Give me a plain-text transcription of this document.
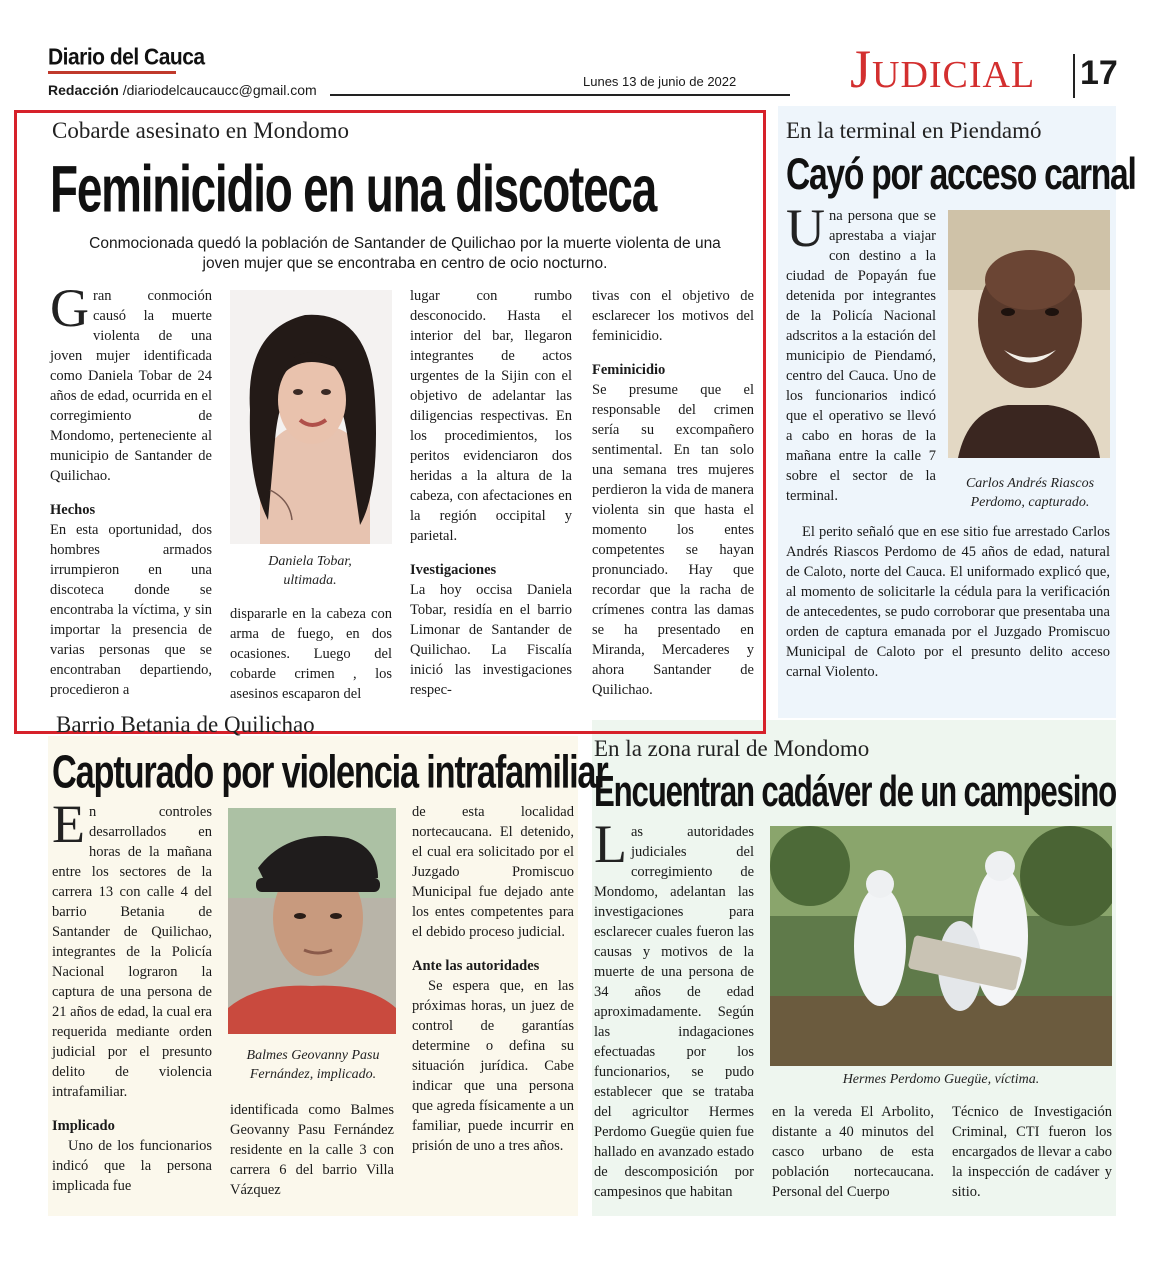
Diario del Cauca
Redacción /diariodelcaucaucc@gmail.com
Lunes 13 de junio de 2022 Judicial 17
Cobarde asesinato en Mondomo
Feminicidio en una discoteca
Conmocionada quedó la población de Santander de Quilichao por la muerte violenta de una joven mujer que se encontraba en centro de ocio nocturno.
G ran conmoción causó la muerte violenta de una joven mujer identificada como Daniela Tobar de 24 años de edad, ocurrida en el corregimiento de Mondomo, perteneciente al municipio de Santander de Quilichao.

Hechos

En esta oportunidad, dos hombres armados irrumpieron en una discoteca donde se encontraba la víctima, y sin importar la presencia de varias personas que se encontraban departiendo, procedieron a

Daniela Tobar, ultimada.

dispararle en la cabeza con arma de fuego, en dos ocasiones. Luego del cobarde crimen , los asesinos escaparon del

lugar con rumbo desconocido. Hasta el interior del bar, llegaron integrantes de actos urgentes de la Sijin con el objetivo de adelantar las diligencias respectivas. En los procedimientos, los peritos evidenciaron dos heridas a la altura de la cabeza, con afectaciones en la región occipital y parietal.

Ivestigaciones

La hoy occisa Daniela Tobar, residía en el barrio Limonar de Santander de Quilichao. La Fiscalía inició las investigaciones respec-

tivas con el objetivo de esclarecer los motivos del feminicidio.

Feminicidio

Se presume que el responsable del crimen sería su excompañero sentimental. En tan solo una semana tres mujeres perdieron la vida de manera violenta sin que hasta el momento los entes competentes se hayan pronunciado. Hay que recordar que la racha de crímenes contra las damas se ha presentado en Miranda, Mercaderes y ahora Santander de Quilichao.

En la terminal en Piendamó
Cayó por acceso carnal
U na persona que se aprestaba a viajar con destino a la ciudad de Popayán fue detenida por integrantes de la Policía Nacional adscritos a la estación del municipio de Piendamó, centro del Cauca. Uno de los funcionarios indicó que el operativo se llevó a cabo en horas de la mañana entre la calle 7 sobre el sector de la terminal.

Carlos Andrés Riascos Perdomo, capturado.

El perito señaló que en ese sitio fue arrestado Carlos Andrés Riascos Perdomo de 45 años de edad, natural de Caloto, norte del Cauca. El uniformado explicó que, al momento de solicitarle la cédula para la verificación de antecedentes, se pudo corroborar que presentaba una orden de captura emanada por el Juzgado Promiscuo Municipal de Caloto por el presunto delito acceso carnal Violento.

Barrio Betania de Quilichao
Capturado por violencia intrafamiliar
E n controles desarrollados en horas de la mañana entre los sectores de la carrera 13 con calle 4 del barrio Betania de Santander de Quilichao, integrantes de la Policía Nacional lograron la captura de una persona de 21 años de edad, la cual era requerida mediante orden judicial por el presunto delito de violencia intrafamiliar.

Implicado

Uno de los funcionarios indicó que la persona implicada fue

Balmes Geovanny Pasu Fernández, implicado.

identificada como Balmes Geovanny Pasu Fernández residente en la calle 3 con carrera 6 del barrio Villa Vázquez

de esta localidad nortecaucana. El detenido, el cual era solicitado por el Juzgado Promiscuo Municipal fue dejado ante los entes competentes para el debido proceso judicial.

Ante las autoridades

Se espera que, en las próximas horas, un juez de control de garantías determine o defina su situación jurídica. Cabe indicar que una persona que agreda físicamente a un familiar, puede incurrir en prisión de uno a tres años.

En la zona rural de Mondomo
Encuentran cadáver de un campesino
L as autoridades judiciales del corregimiento de Mondomo, adelantan las investigaciones para esclarecer cuales fueron las causas y motivos de la muerte de una persona de 34 años de edad aproximadamente. Según las indagaciones efectuadas por los funcionarios, se pudo establecer que se trataba del agricultor Hermes Perdomo Guegüe quien fue hallado en avanzado estado de descomposición por campesinos que habitan

Hermes Perdomo Guegüe, víctima.

en la vereda El Arbolito, distante a 40 minutos del casco urbano de esta población nortecaucana. Personal del Cuerpo

Técnico de Investigación Criminal, CTI fueron los encargados de llevar a cabo la inspección de cadáver y sitio.
